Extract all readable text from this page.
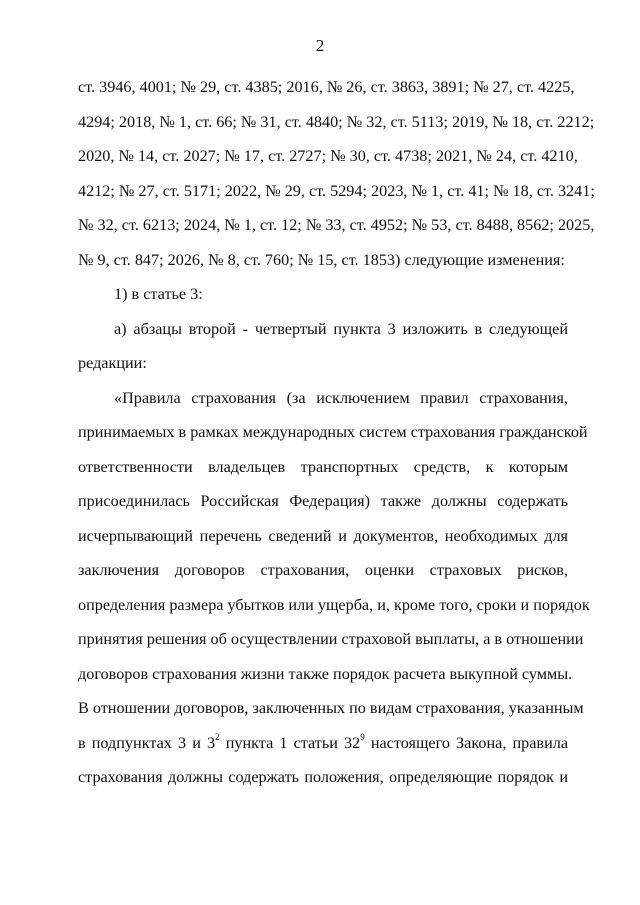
2
ст. 3946, 4001; № 29, ст. 4385; 2016, № 26, ст. 3863, 3891; № 27, ст. 4225,
4294; 2018, № 1, ст. 66; № 31, ст. 4840; № 32, ст. 5113; 2019, № 18, ст. 2212;
2020, № 14, ст. 2027; № 17, ст. 2727; № 30, ст. 4738; 2021, № 24, ст. 4210,
4212; № 27, ст. 5171; 2022, № 29, ст. 5294; 2023, № 1, ст. 41; № 18, ст. 3241;
№ 32, ст. 6213; 2024, № 1, ст. 12; № 33, ст. 4952; № 53, ст. 8488, 8562; 2025,
№ 9, ст. 847; 2026, № 8, ст. 760; № 15, ст. 1853) следующие изменения:
1) в статье 3:
а) абзацы второй - четвертый пункта 3 изложить в следующей
редакции:
«Правила страхования (за исключением правил страхования,
принимаемых в рамках международных систем страхования гражданской
ответственности владельцев транспортных средств, к которым
присоединилась Российская Федерация) также должны содержать
исчерпывающий перечень сведений и документов, необходимых для
заключения договоров страхования, оценки страховых рисков,
определения размера убытков или ущерба, и, кроме того, сроки и порядок
принятия решения об осуществлении страховой выплаты, а в отношении
договоров страхования жизни также порядок расчета выкупной суммы.
В отношении договоров, заключенных по видам страхования, указанным
в подпунктах 3 и $3^2$ пункта 1 статьи $32^9$ настоящего Закона, правила
страхования должны содержать положения, определяющие порядок и
